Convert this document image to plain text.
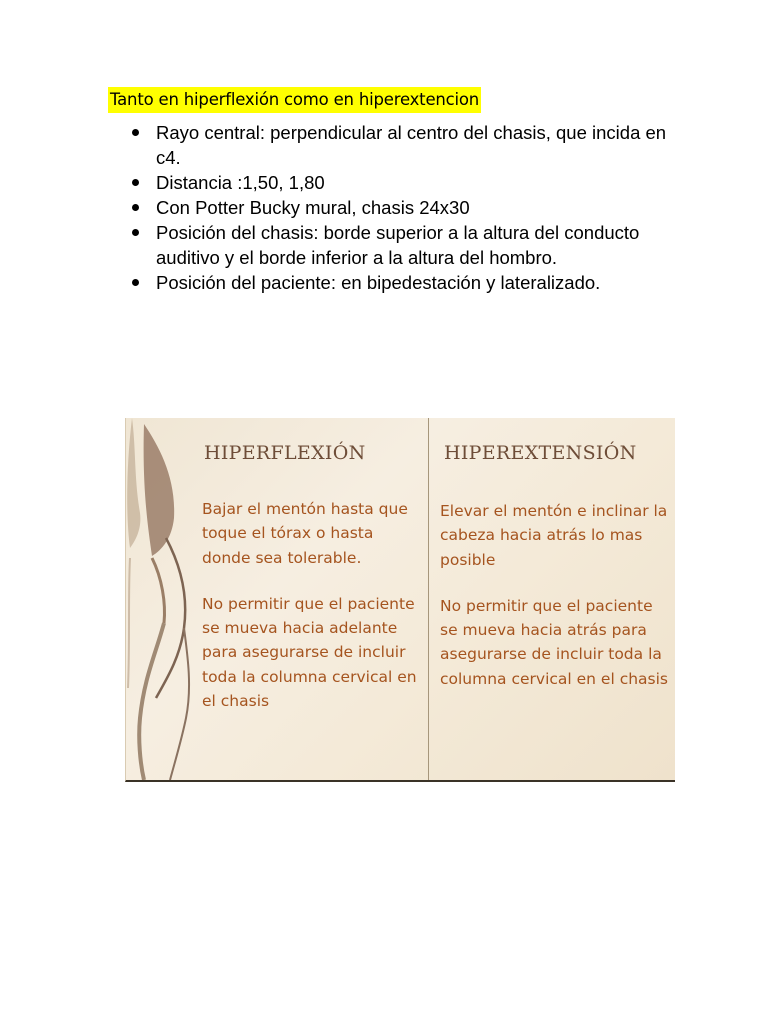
Tanto en hiperflexión como en hiperextencion
Rayo central: perpendicular al centro del chasis, que incida en c4.
Distancia :1,50, 1,80
Con Potter Bucky mural, chasis 24x30
Posición del chasis: borde superior a la altura del conducto auditivo y el borde inferior a la altura del hombro.
Posición del paciente: en bipedestación y lateralizado.
HIPERFLEXIÓN	HIPEREXTENSIÓN

Bajar el mentón hasta que toque el tórax o hasta donde sea tolerable.

No permitir que el paciente se mueva hacia adelante para asegurarse de incluir toda la columna cervical en el chasis

Elevar el mentón e inclinar la cabeza hacia atrás lo mas posible

No permitir que el paciente se mueva hacia atrás para asegurarse de incluir toda la columna cervical en el chasis
